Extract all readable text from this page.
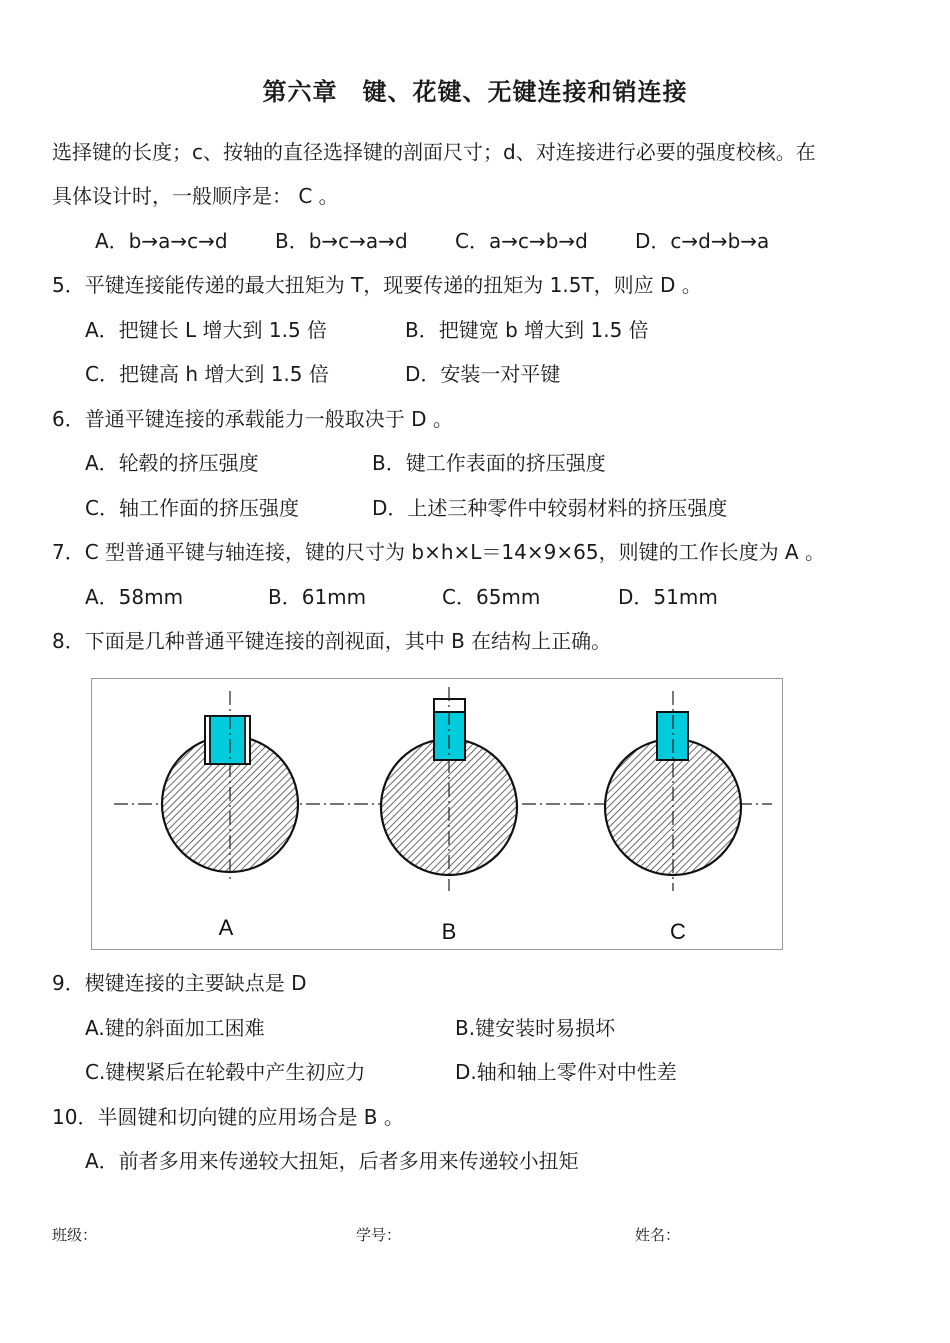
第六章　键、花键、无键连接和销连接
选择键的长度；c、按轴的直径选择键的剖面尺寸；d、对连接进行必要的强度校核。在
具体设计时，一般顺序是： C 。
A．b→a→c→d B．b→c→a→d C．a→c→b→d D．c→d→b→a
5．平键连接能传递的最大扭矩为 T，现要传递的扭矩为 1.5T，则应 D 。
A．把键长 L 增大到 1.5 倍	B．把键宽 b 增大到 1.5 倍
C．把键高 h 增大到 1.5 倍	D．安装一对平键
6．普通平键连接的承载能力一般取决于 D 。
A．轮毂的挤压强度	B．键工作表面的挤压强度
C．轴工作面的挤压强度	D．上述三种零件中较弱材料的挤压强度
7．C 型普通平键与轴连接，键的尺寸为 b×h×L＝14×9×65，则键的工作长度为 A 。
A．58mm	B．61mm	C．65mm	D．51mm
8．下面是几种普通平键连接的剖视面，其中 B 在结构上正确。
A	B	C
9．楔键连接的主要缺点是 D
A.键的斜面加工困难	B.键安装时易损坏
C.键楔紧后在轮毂中产生初应力	D.轴和轴上零件对中性差
10．半圆键和切向键的应用场合是 B 。
A．前者多用来传递较大扭矩，后者多用来传递较小扭矩
班级：	学号：	姓名：
